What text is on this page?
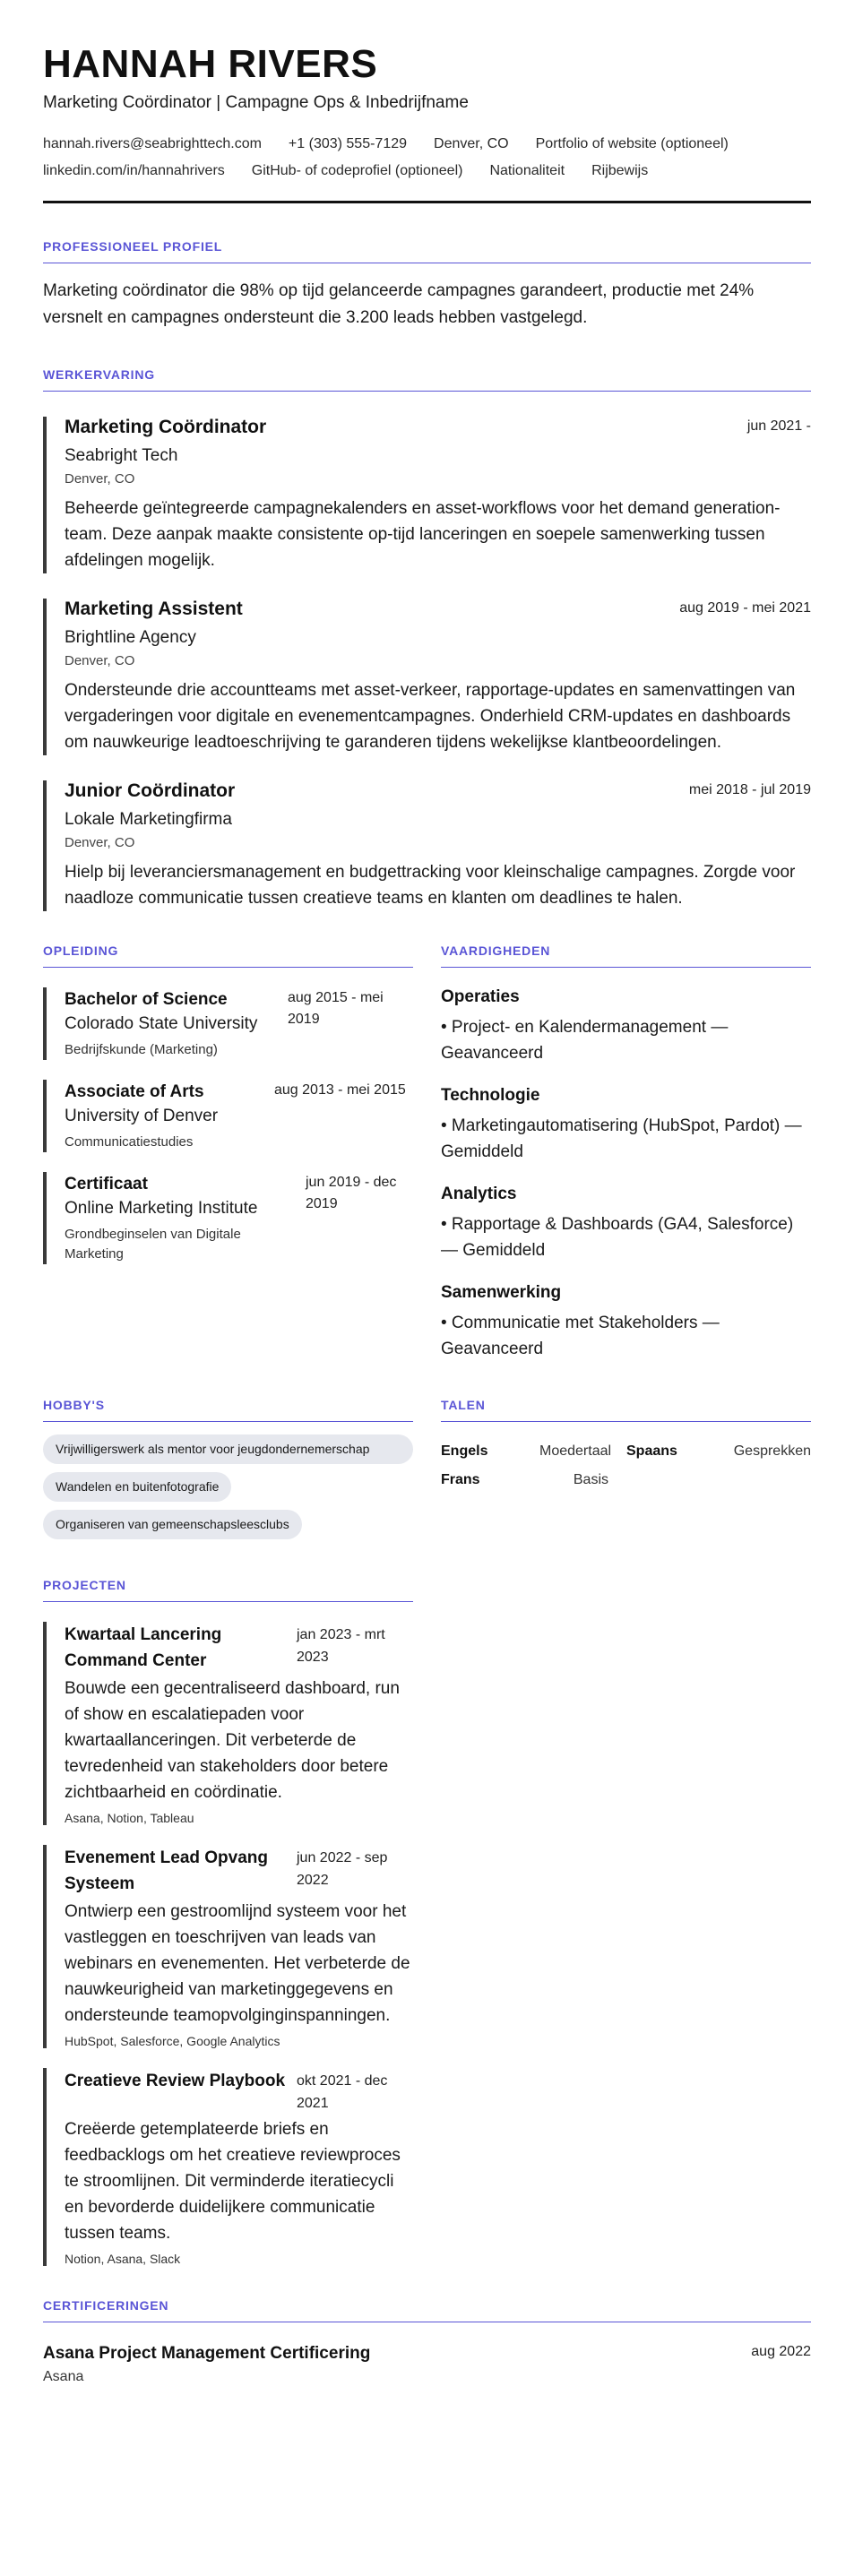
HANNAH RIVERS
Marketing Coördinator | Campagne Ops & Inbedrijfname
hannah.rivers@seabrighttech.com +1 (303) 555-7129 Denver, CO Portfolio of website (optioneel)
linkedin.com/in/hannahrivers GitHub- of codeprofiel (optioneel) Nationaliteit Rijbewijs
PROFESSIONEEL PROFIEL
Marketing coördinator die 98% op tijd gelanceerde campagnes garandeert, productie met 24% versnelt en campagnes ondersteunt die 3.200 leads hebben vastgelegd.
WERKERVARING
Marketing Coördinator	jun 2021 -
Seabright Tech
Denver, CO
Beheerde geïntegreerde campagnekalenders en asset-workflows voor het demand generation-team. Deze aanpak maakte consistente op-tijd lanceringen en soepele samenwerking tussen afdelingen mogelijk.
Marketing Assistent	aug 2019 - mei 2021
Brightline Agency
Denver, CO
Ondersteunde drie accountteams met asset-verkeer, rapportage-updates en samenvattingen van vergaderingen voor digitale en evenementcampagnes. Onderhield CRM-updates en dashboards om nauwkeurige leadtoeschrijving te garanderen tijdens wekelijkse klantbeoordelingen.
Junior Coördinator	mei 2018 - jul 2019
Lokale Marketingfirma
Denver, CO
Hielp bij leveranciersmanagement en budgettracking voor kleinschalige campagnes. Zorgde voor naadloze communicatie tussen creatieve teams en klanten om deadlines te halen.
OPLEIDING
Bachelor of Science
Colorado State University
aug 2015 - mei 2019
Bedrijfskunde (Marketing)
Associate of Arts
University of Denver
aug 2013 - mei 2015
Communicatiestudies
Certificaat
Online Marketing Institute
Grondbeginselen van Digitale Marketing
jun 2019 - dec 2019
VAARDIGHEDEN
Operaties
• Project- en Kalendermanagement — Geavanceerd
Technologie
• Marketingautomatisering (HubSpot, Pardot) — Gemiddeld
Analytics
• Rapportage & Dashboards (GA4, Salesforce) — Gemiddeld
Samenwerking
• Communicatie met Stakeholders — Geavanceerd
HOBBY'S
Vrijwilligerswerk als mentor voor jeugdondernemerschap
Wandelen en buitenfotografie
Organiseren van gemeenschapsleesclubs
TALEN
Engels	Moedertaal	Spaans	Gesprekken
Frans	Basis
PROJECTEN
Kwartaal Lancering Command Center
jan 2023 - mrt 2023
Bouwde een gecentraliseerd dashboard, run of show en escalatiepaden voor kwartaallanceringen. Dit verbeterde de tevredenheid van stakeholders door betere zichtbaarheid en coördinatie.
Asana, Notion, Tableau
Evenement Lead Opvang Systeem
jun 2022 - sep 2022
Ontwierp een gestroomlijnd systeem voor het vastleggen en toeschrijven van leads van webinars en evenementen. Het verbeterde de nauwkeurigheid van marketinggegevens en ondersteunde teamopvolginginspanningen.
HubSpot, Salesforce, Google Analytics
Creatieve Review Playbook okt 2021 - dec 2021
Creëerde getemplateerde briefs en feedbacklogs om het creatieve reviewproces te stroomlijnen. Dit verminderde iteratiecycli en bevorderde duidelijkere communicatie tussen teams.
Notion, Asana, Slack
CERTIFICERINGEN
Asana Project Management Certificering
Asana
aug 2022
